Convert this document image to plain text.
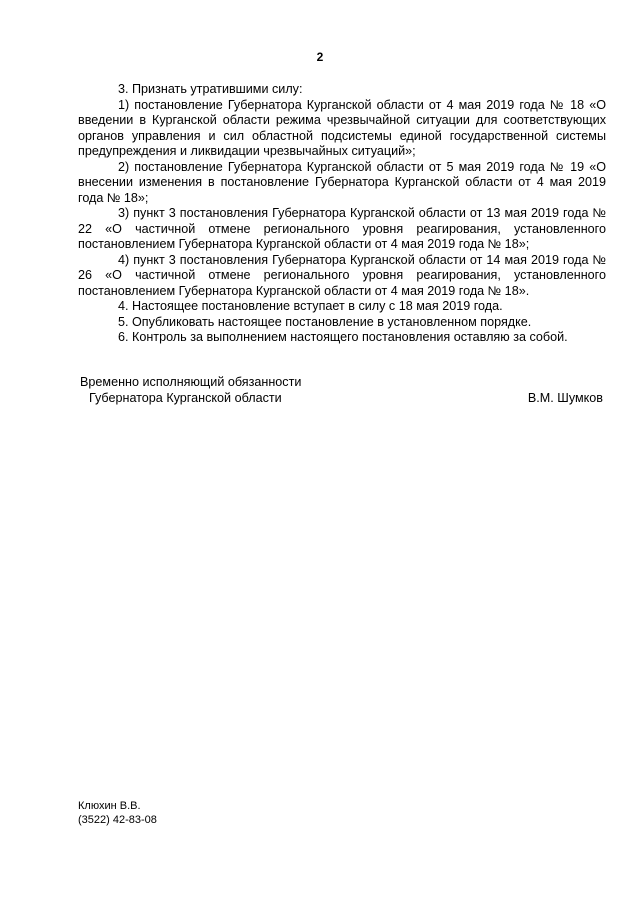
2

3. Признать утратившими силу:

1) постановление Губернатора Курганской области от 4 мая 2019 года № 18 «О введении в Курганской области режима чрезвычайной ситуации для соответствующих органов управления и сил областной подсистемы единой государственной системы предупреждения и ликвидации чрезвычайных ситуаций»;

2) постановление Губернатора Курганской области от 5 мая 2019 года № 19 «О внесении изменения в постановление Губернатора Курганской области от 4 мая 2019 года № 18»;

3) пункт 3 постановления Губернатора Курганской области от 13 мая 2019 года № 22 «О частичной отмене регионального уровня реагирования, установленного постановлением Губернатора Курганской области от 4 мая 2019 года № 18»;

4) пункт 3 постановления Губернатора Курганской области от 14 мая 2019 года № 26 «О частичной отмене регионального уровня реагирования, установленного постановлением Губернатора Курганской области от 4 мая 2019 года № 18».

4. Настоящее постановление вступает в силу с 18 мая 2019 года.

5. Опубликовать настоящее постановление в установленном порядке.

6. Контроль за выполнением настоящего постановления оставляю за собой.

Временно исполняющий обязанности
Губернатора Курганской области	В.М. Шумков
Клюхин В.В.
(3522) 42-83-08
